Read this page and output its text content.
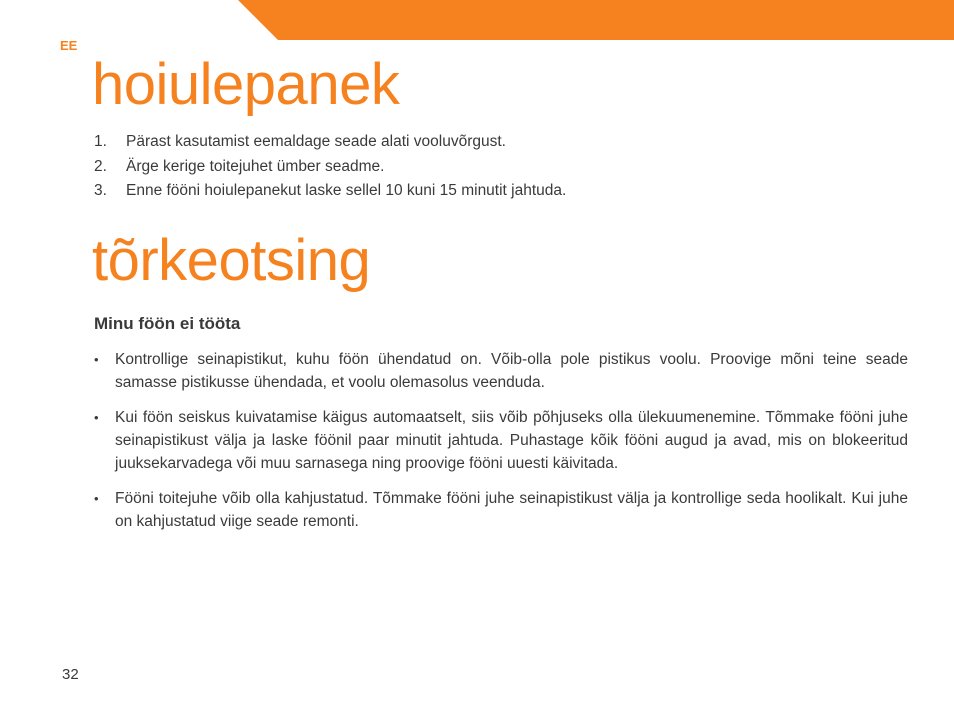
EE
hoiulepanek
1.	Pärast kasutamist eemaldage seade alati vooluvõrgust.
2.	Ärge kerige toitejuhet ümber seadme.
3.	Enne fööni hoiulepanekut laske sellel 10 kuni 15 minutit jahtuda.
tõrkeotsing
Minu föön ei tööta
•	Kontrollige seinapistikut, kuhu föön ühendatud on. Võib-olla pole pistikus voolu. Proovige mõni teine seade samasse pistikusse ühendada, et voolu olemasolus veenduda.
•	Kui föön seiskus kuivatamise käigus automaatselt, siis võib põhjuseks olla ülekuumenemine. Tõmmake fööni juhe seinapistikust välja ja laske föönil paar minutit jahtuda. Puhastage kõik fööni augud ja avad, mis on blokeeritud juuksekarvadega või muu sarnasega ning proovige fööni uuesti käivitada.
•	Fööni toitejuhe võib olla kahjustatud. Tõmmake fööni juhe seinapistikust välja ja kontrollige seda hoolikalt. Kui juhe on kahjustatud viige seade remonti.
32
